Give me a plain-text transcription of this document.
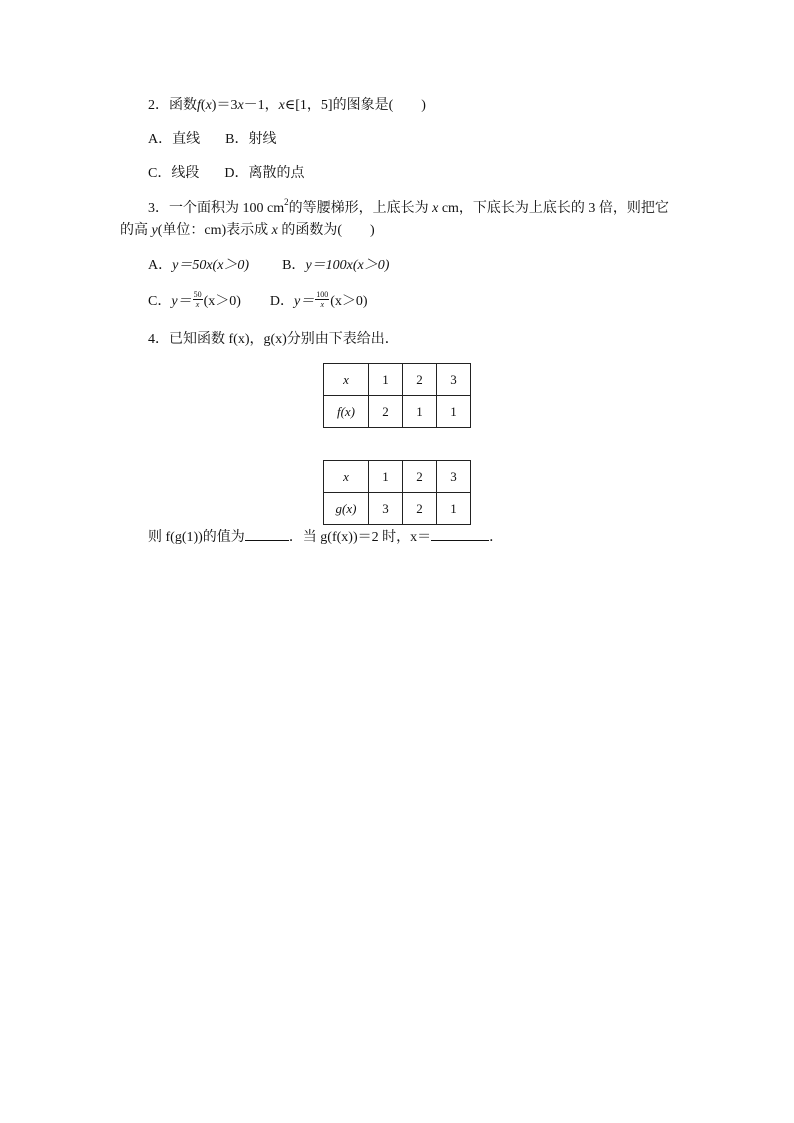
2．函数f(x)＝3x－1，x∈[1，5]的图象是(　　)
A．直线 B．射线
C．线段 D．离散的点
3．一个面积为 100 $cm^2$的等腰梯形，上底长为 x cm，下底长为上底长的 3 倍，则把它
的高 y(单位：cm)表示成 x 的函数为(　　)
A．y＝50x(x＞0) B．y＝100x(x＞0)
C．$y= \frac{50}{x} (x>0)$ D．$y= \frac{100}{x} (x>0)$
4．已知函数 f(x)，g(x)分别由下表给出．
x	1	2	3
f(x)	2	1	1
x	1	2	3
g(x)	3	2	1
则 f(g(1))的值为	．当 g(f(x))＝2 时，x＝	．
